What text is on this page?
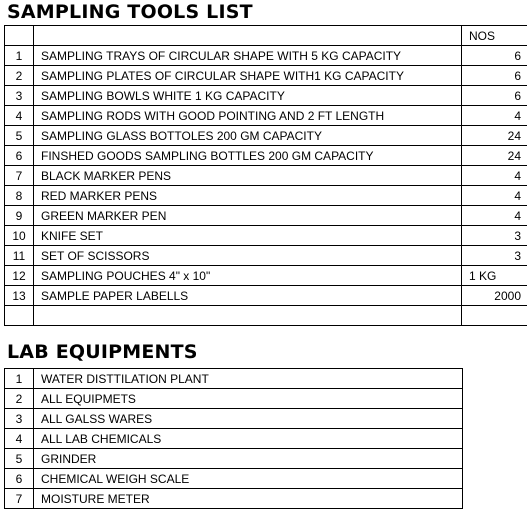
SAMPLING TOOLS LIST
		NOS
1	SAMPLING TRAYS OF CIRCULAR SHAPE WITH 5 KG CAPACITY	6
2	SAMPLING PLATES OF CIRCULAR SHAPE WITH1 KG CAPACITY	6
3	SAMPLING BOWLS WHITE 1 KG CAPACITY	6
4	SAMPLING RODS WITH GOOD POINTING AND 2 FT LENGTH	4
5	SAMPLING GLASS BOTTOLES 200 GM CAPACITY	24
6	FINSHED GOODS SAMPLING BOTTLES 200 GM CAPACITY	24
7	BLACK MARKER PENS	4
8	RED MARKER PENS	4
9	GREEN MARKER PEN	4
10	KNIFE SET	3
11	SET OF SCISSORS	3
12	SAMPLING POUCHES 4" x 10"	1 KG
13	SAMPLE PAPER LABELLS	2000

LAB EQUIPMENTS
1	WATER DISTTILATION PLANT
2	ALL EQUIPMETS
3	ALL GALSS WARES
4	ALL LAB CHEMICALS
5	GRINDER
6	CHEMICAL WEIGH SCALE
7	MOISTURE METER
